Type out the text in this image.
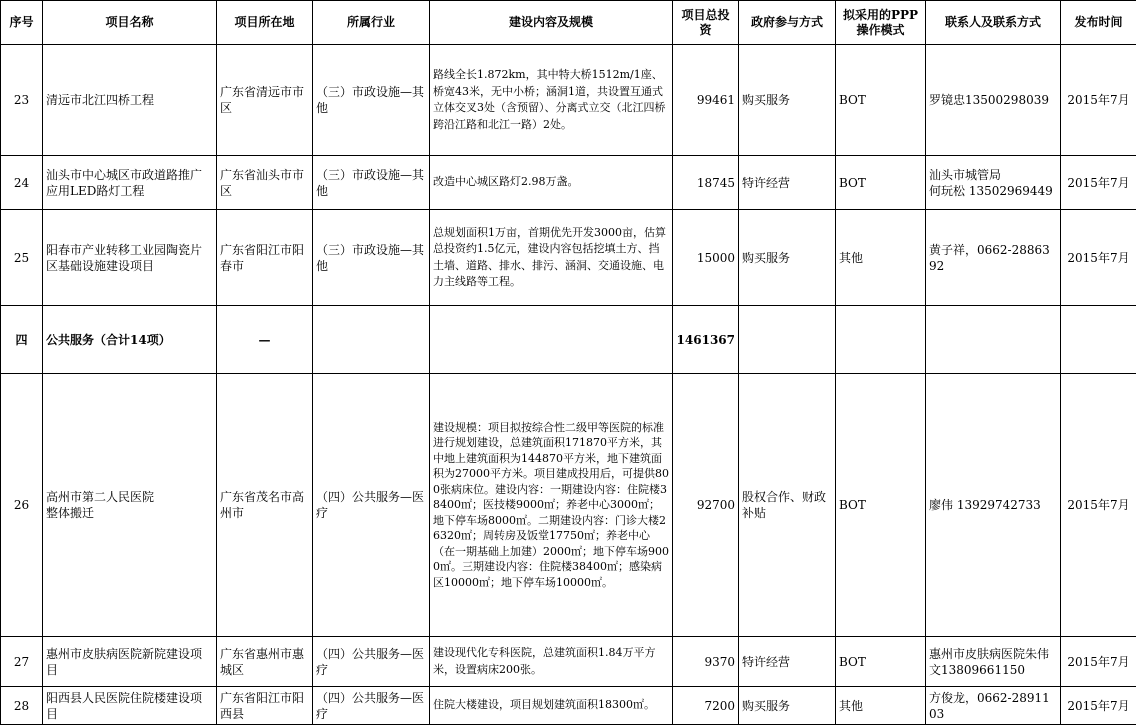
序号	项目名称	项目所在地	所属行业	建设内容及规模	项目总投资	政府参与方式	拟采用的PPP
操作模式	联系人及联系方式	发布时间
23	清远市北江四桥工程	广东省清远市市区	（三）市政设施—其他	路线全长1.872km，其中特大桥1512m/1座、桥宽43米，无中小桥；涵洞1道，共设置互通式立体交叉3处（含预留）、分离式立交（北江四桥跨沿江路和北江一路）2处。	99461	购买服务	BOT	罗镜忠13500298039	2015年7月
24	汕头市中心城区市政道路推广应用LED路灯工程	广东省汕头市市区	（三）市政设施—其他	改造中心城区路灯2.98万盏。	18745	特许经营	BOT	汕头市城管局
何玩松 13502969449	2015年7月
25	阳春市产业转移工业园陶瓷片区基础设施建设项目	广东省阳江市阳春市	（三）市政设施—其他	总规划面积1万亩，首期优先开发3000亩，估算总投资约1.5亿元，建设内容包括挖填土方、挡土墙、道路、排水、排污、涵洞、交通设施、电力主线路等工程。	15000	购买服务	其他	黄子祥，0662-2886392	2015年7月
四	公共服务（合计14项）	—			1461367				
26	高州市第二人民医院
整体搬迁	广东省茂名市高州市	（四）公共服务—医疗	建设规模：项目拟按综合性二级甲等医院的标准进行规划建设，总建筑面积171870平方米，其中地上建筑面积为144870平方米，地下建筑面积为27000平方米。项目建成投用后，可提供800张病床位。建设内容：一期建设内容：住院楼38400㎡；医技楼9000㎡；养老中心3000㎡；地下停车场8000㎡。二期建设内容：门诊大楼26320㎡；周转房及饭堂17750㎡；养老中心（在一期基础上加建）2000㎡；地下停车场9000㎡。三期建设内容：住院楼38400㎡；感染病区10000㎡；地下停车场10000㎡。	92700	股权合作、财政补贴	BOT	廖伟 13929742733	2015年7月
27	惠州市皮肤病医院新院建设项目	广东省惠州市惠城区	（四）公共服务—医疗	建设现代化专科医院，总建筑面积1.84万平方米，设置病床200张。	9370	特许经营	BOT	惠州市皮肤病医院朱伟文13809661150	2015年7月
28	阳西县人民医院住院楼建设项目	广东省阳江市阳西县	（四）公共服务—医疗	住院大楼建设，项目规划建筑面积18300㎡。	7200	购买服务	其他	方俊龙，0662-2891103	2015年7月
